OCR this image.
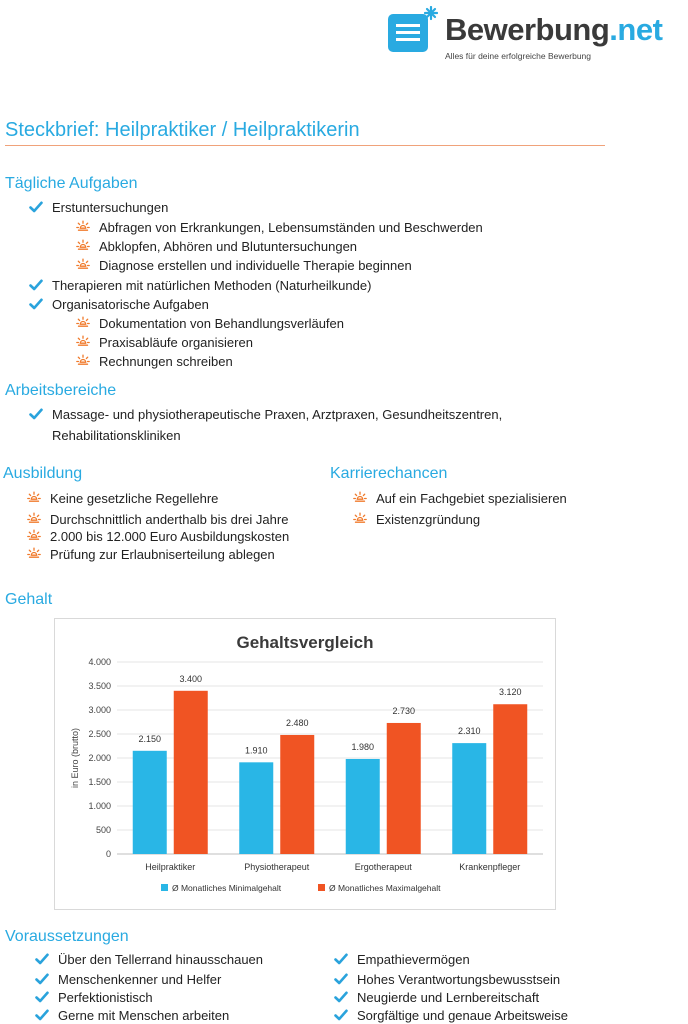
Bewerbung.net
Alles für deine erfolgreiche Bewerbung
Steckbrief: Heilpraktiker / Heilpraktikerin
Tägliche Aufgaben
Erstuntersuchungen
Abfragen von Erkrankungen, Lebensumständen und Beschwerden
Abklopfen, Abhören und Blutuntersuchungen
Diagnose erstellen und individuelle Therapie beginnen
Therapieren mit natürlichen Methoden (Naturheilkunde)
Organisatorische Aufgaben
Dokumentation von Behandlungsverläufen
Praxisabläufe organisieren
Rechnungen schreiben
Arbeitsbereiche
Massage- und physiotherapeutische Praxen, Arztpraxen, Gesundheitszentren,
Rehabilitationskliniken
Ausbildung
Keine gesetzliche Regellehre
Durchschnittlich anderthalb bis drei Jahre
2.000 bis 12.000 Euro Ausbildungskosten
Prüfung zur Erlaubniserteilung ablegen
Karrierechancen
Auf ein Fachgebiet spezialisieren
Existenzgründung
Gehalt
Gehaltsvergleich
0
500
1.000
1.500
2.000
2.500
3.000
3.500
4.000
in Euro (brutto)	2.150
3.400
Heilpraktiker
1.910
2.480
Physiotherapeut
1.980
2.730
Ergotherapeut
2.310
3.120
Krankenpfleger
Ø Monatliches Minimalgehalt	Ø Monatliches Maximalgehalt
Voraussetzungen
Über den Tellerrand hinausschauen
Menschenkenner und Helfer
Perfektionistisch
Gerne mit Menschen arbeiten
Empathievermögen
Hohes Verantwortungsbewusstsein
Neugierde und Lernbereitschaft
Sorgfältige und genaue Arbeitsweise
